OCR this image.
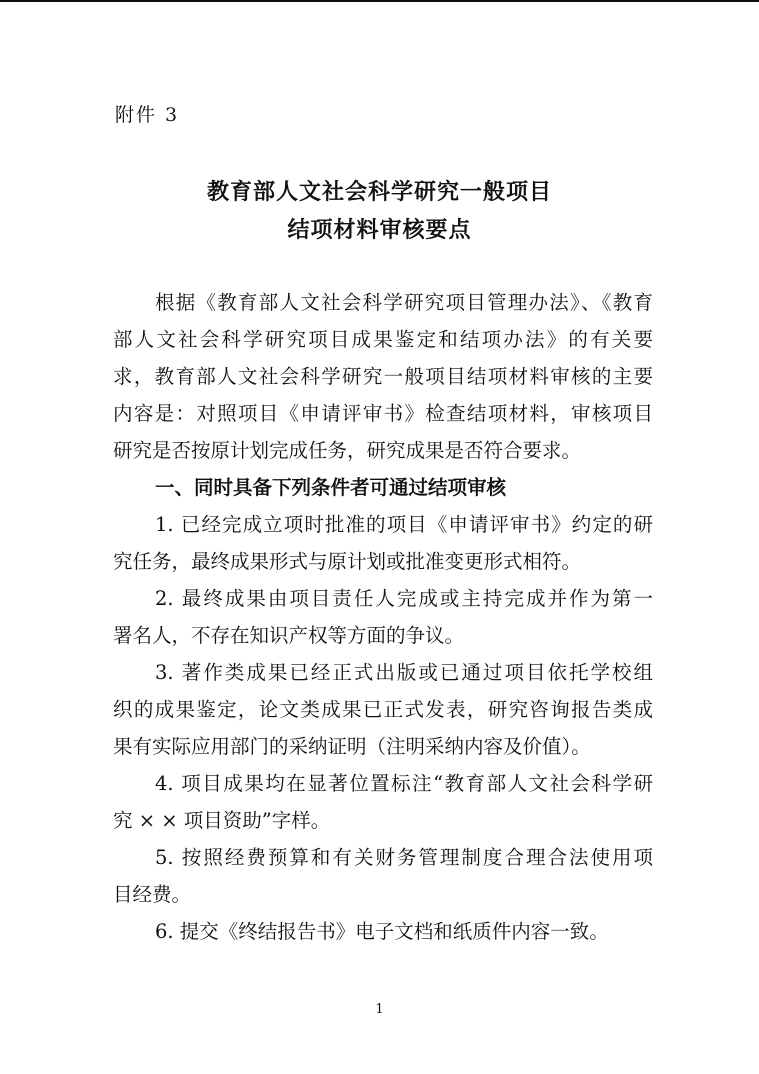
附件 3
教育部人文社会科学研究一般项目
结项材料审核要点
根据《教育部人文社会科学研究项目管理办法》、《教育
部人文社会科学研究项目成果鉴定和结项办法》的有关要
求，教育部人文社会科学研究一般项目结项材料审核的主要
内容是：对照项目《申请评审书》检查结项材料，审核项目
研究是否按原计划完成任务，研究成果是否符合要求。
一、同时具备下列条件者可通过结项审核
1. 已经完成立项时批准的项目《申请评审书》约定的研
究任务，最终成果形式与原计划或批准变更形式相符。
2. 最终成果由项目责任人完成或主持完成并作为第一
署名人，不存在知识产权等方面的争议。
3. 著作类成果已经正式出版或已通过项目依托学校组
织的成果鉴定，论文类成果已正式发表，研究咨询报告类成
果有实际应用部门的采纳证明（注明采纳内容及价值）。
4. 项目成果均在显著位置标注“教育部人文社会科学研
究 × × 项目资助”字样。
5. 按照经费预算和有关财务管理制度合理合法使用项
目经费。
6. 提交《终结报告书》电子文档和纸质件内容一致。
1
